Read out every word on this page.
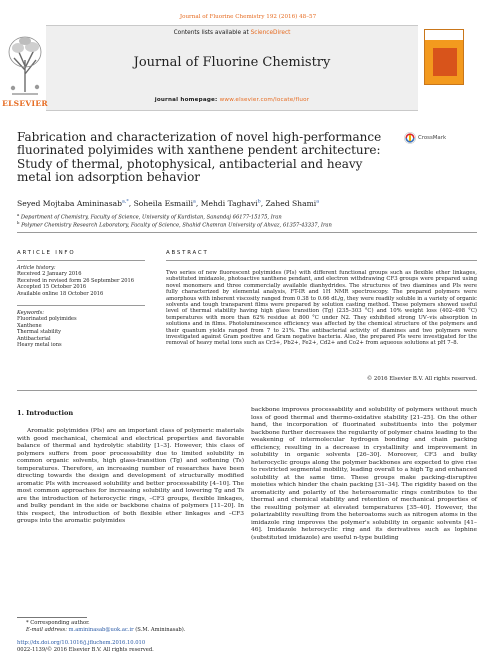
Journal of Fluorine Chemistry 192 (2016) 48–57
ELSEVIER
Contents lists available at ScienceDirect
Journal of Fluorine Chemistry
journal homepage: www.elsevier.com/locate/fluor
Fabrication and characterization of novel high-performance fluorinated polyimides with xanthene pendent architecture: Study of thermal, photophysical, antibacterial and heavy metal ion adsorption behavior
CrossMark
Seyed Mojtaba Amininasab$^{a,*}$, Soheila Esmaili$^a$, Mehdi Taghavi$^b$, Zahed Shami$^a$
$^a$ Department of Chemistry, Faculty of Science, University of Kurdistan, Sanandaj 66177-15175, Iran
$^b$ Polymer Chemistry Research Laboratory, Faculty of Science, Shahid Chamran University of Ahvaz, 61357-43337, Iran
ARTICLE INFO	ABSTRACT
Article history:
Received 2 January 2016
Received in revised form 26 September 2016
Accepted 15 October 2016
Available online 18 October 2016
Keywords:
Fluorinated polyimides
Xanthene
Thermal stability
Antibacterial
Heavy metal ions
Two series of new fluorescent polyimides (PIs) with different functional groups such as flexible ether linkages, substituted imidazole, photoactive xanthene pendant, and electron withdrawing CF3 groups were prepared using novel monomers and three commercially available dianhydrides. The structures of two diamines and PIs were fully characterized by elemental analysis, FT-IR and 1H NMR spectroscopy. The prepared polymers were amorphous with inherent viscosity ranged from 0.38 to 0.66 dL/g, they were readily soluble in a variety of organic solvents and tough transparent films were prepared by solution casting method. These polymers showed useful level of thermal stability having high glass transition (Tg) (235–303 °C) and 10% weight loss (402–498 °C) temperatures with more than 62% residue at 800 °C under N2. They exhibited strong UV–vis absorption in solutions and in films. Photoluminescence efficiency was affected by the chemical structure of the polymers and their quantum yields ranged from 7 to 21%. The antibacterial activity of diamines and two polymers were investigated against Gram positive and Gram negative bacteria. Also, the prepared PIs were investigated for the removal of heavy metal ions such as Cr3+, Pb2+, Fe2+, Cd2+ and Co2+ from aqueous solutions at pH 7–8.
© 2016 Elsevier B.V. All rights reserved.
1. Introduction
Aromatic polyimides (PIs) are an important class of polymeric materials with good mechanical, chemical and electrical properties and favorable balance of thermal and hydrolytic stability [1–3]. However, this class of polymers suffers from poor processability due to limited solubility in common organic solvents, high glass-transition (Tg) and softening (Ts) temperatures. Therefore, an increasing number of researches have been directing towards the design and development of structurally modified aromatic PIs with increased solubility and better processability [4–10]. The most common approaches for increasing solubility and lowering Tg and Ts are the introduction of heterocyclic rings, –CF3 groups, flexible linkages, and bulky pendant in the side or backbone chains of polymers [11–20]. In this respect, the introduction of both flexible ether linkages and –CF3 groups into the aromatic polyimides
backbone improves processability and solubility of polymers without much loss of good thermal and thermo-oxidative stability [21–25]. On the other hand, the incorporation of fluorinated substituents into the polymer backbone further decreases the regularity of polymer chains leading to the weakening of intermolecular hydrogen bonding and chain packing efficiency, resulting in a decrease in crystallinity and improvement in solubility in organic solvents [26–30]. Moreover, CF3 and bulky heterocyclic groups along the polymer backbones are expected to give rise to restricted segmental mobility, leading overall to a high Tg and enhanced solubility at the same time. These groups make packing-disruptive moieties which hinder the chain packing [31–34]. The rigidity based on the aromaticity and polarity of the heteroaromatic rings contributes to the thermal and chemical stability and retention of mechanical properties of the resulting polymer at elevated temperatures [35–40]. However, the polarizability resulting from the heteroatoms such as nitrogen atoms in the imidazole ring improves the polymer's solubility in organic solvents [41–46]. Imidazole heterocyclic ring and its derivatives such as lophine (substituted imidazole) are useful n-type building
* Corresponding author.
E-mail address: m.amininasab@uok.ac.ir (S.M. Amininasab).
http://dx.doi.org/10.1016/j.jfluchem.2016.10.010
0022-1139/© 2016 Elsevier B.V. All rights reserved.
